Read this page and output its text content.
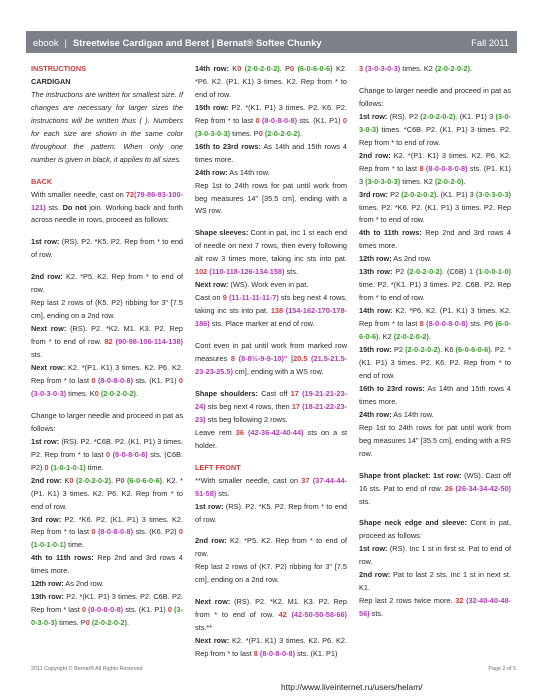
ebook | Streetwise Cardigan and Beret | Bernat® Softee Chunky	Fall 2011

INSTRUCTIONS

CARDIGAN

The instructions are written for smallest size. If changes are necessary for larger sizes the instructions will be written thus ( ). Numbers for each size are shown in the same color throughout the pattern. When only one number is given in black, it applies to all sizes.

BACK

With smaller needle, cast on 72(79-86-93-100-121) sts. Do not join. Working back and forth across needle in rows, proceed as follows:

1st row: (RS). P2. *K5. P2. Rep from * to end of row.

2nd row: K2. *P5. K2. Rep from * to end of row.

Rep last 2 rows of (K5. P2) ribbing for 3" [7.5 cm], ending on a 2nd row.

Next row: (RS). P2. *K2. M1. K3. P2. Rep from * to end of row. 82 (90-98-106-114-138) sts.

Next row: K2. *(P1. K1) 3 times. K2. P6. K2. Rep from * to last 0 (8-0-8-0-8) sts. (K1. P1) 0 (3-0-3-0-3) times. K0 (2-0-2-0-2).

Change to larger needle and proceed in pat as follows:

1st row: (RS). P2. *C6B. P2. (K1. P1) 3 times. P2. Rep from * to last 0 (8-0-8-0-8) sts. (C6B. P2) 0 (1-0-1-0-1) time.

2nd row: K0 (2-0-2-0-2). P0 (6-0-6-0-6). K2. *(P1. K1) 3 times. K2. P6. K2. Rep from * to end of row.

3rd row: P2. *K6. P2. (K1. P1) 3 times. K2. Rep from * to last 0 (8-0-8-0-8) sts. (K6. P2) 0 (1-0-1-0-1) time.

4th to 11th rows: Rep 2nd and 3rd rows 4 times more.

12th row: As 2nd row.

13th row: P2. *(K1. P1) 3 times. P2. C6B. P2. Rep from * last 0 (8-0-8-0-8) sts. (K1. P1) 0 (3-0-3-0-3) times. P0 (2-0-2-0-2).

14th row: K0 (2-0-2-0-2). P0 (6-0-6-0-6) K2. *P6. K2. (P1. K1) 3 times. K2. Rep from * to end of row.

15th row: P2. *(K1. P1) 3 times. P2. K6. P2. Rep from * to last 0 (8-0-8-0-8) sts. (K1. P1) 0 (3-0-3-0-3) times. P0 (2-0-2-0-2).

16th to 23rd rows: As 14th and 15th rows 4 times more.

24th row: As 14th row.

Rep 1st to 24th rows for pat until work from beg measures 14" [35.5 cm], ending with a WS row.

Shape sleeves: Cont in pat, inc 1 st each end of needle on next 7 rows, then every following alt row 3 times more, taking inc sts into pat. 102 (110-118-126-134-158) sts.

Next row: (WS). Work even in pat.

Cast on 9 (11-11-11-11-7) sts beg next 4 rows, taking inc sts into pat. 138 (154-162-170-178-186) sts. Place marker at end of row.

Cont even in pat until work from marked row measures 8 (8-8½-9-9-10)" [20.5 (21.5-21.5-23-23-25.5) cm], ending with a WS row.

Shape shoulders: Cast off 17 (19-21-21-23-24) sts beg next 4 rows, then 17 (18-21-22-23-23) sts beg following 2 rows.

Leave rem 36 (42-36-42-40-44) sts on a st holder.

LEFT FRONT

**With smaller needle, cast on 37 (37-44-44-51-58) sts.

1st row: (RS). P2. *K5. P2. Rep from * to end of row.

2nd row: K2. *P5. K2. Rep from * to end of row.

Rep last 2 rows of (K7. P2) ribbing for 3" [7.5 cm], ending on a 2nd row.

Next row: (RS). P2. *K2. M1. K3. P2. Rep from * to end of row. 42 (42-50-50-58-66) sts.**

Next row: K2. *(P1. K1) 3 times. K2. P6. K2. Rep from * to last 8 (8-0-8-0-8) sts. (K1. P1)

3 (3-0-3-0-3) times. K2 (2-0-2-0-2).

Change to larger needle and proceed in pat as follows:

1st row: (RS). P2 (2-0-2-0-2). (K1. P1) 3 (3-0-3-0-3) times. *C6B. P2. (K1. P1) 3 times. P2. Rep from * to end of row.

2nd row: K2. *(P1. K1) 3 times. K2. P6. K2. Rep from * to last 8 (8-0-0-8-0-8) sts. (P1. K1) 3 (3-0-3-0-3) times. K2 (2-0-2-0).

3rd row: P2 (2-0-2-0-2). (K1. P1) 3 (3-0-3-0-3) times. P2. *K6. P2. (K1. P1) 3 times. P2. Rep from * to end of row.

4th to 11th rows: Rep 2nd and 3rd rows 4 times more.

12th row: As 2nd row.

13th row: P2 (2-0-2-0-2). (C6B) 1 (1-0-0-1-0) time. P2. *(K1. P1) 3 times. P2. C6B. P2. Rep from * to end of row.

14th row: K2. *P6. K2. (P1. K1) 3 times. K2. Rep from * to last 8 (8-0-0-8-0-8) sts. P6 (6-0-6-0-6). K2 (2-0-2-0-2).

15th row: P2 (2-0-2-0-2). K6 (6-0-6-0-6). P2. *(K1. P1) 3 times. P2. K6. P2. Rep from * to end of row.

16th to 23rd rows: As 14th and 15th rows 4 times more.

24th row: As 14th row.

Rep 1st to 24th rows for pat until work from beg measures 14" [35.5 cm], ending with a RS row.

Shape front placket: 1st row: (WS). Cast off 16 sts. Pat to end of row. 26 (26-34-34-42-50) sts.

Shape neck edge and sleeve: Cont in pat, proceed as follows:

1st row: (RS). Inc 1 st in first st. Pat to end of row.

2nd row: Pat to last 2 sts. Inc 1 st in next st. K1.

Rep last 2 rows twice more. 32 (32-40-40-48-56) sts.

2011 Copyright © Bernat® All Rights Reserved	Page 2 of 5
http://www.liveinternet.ru/users/helam/
